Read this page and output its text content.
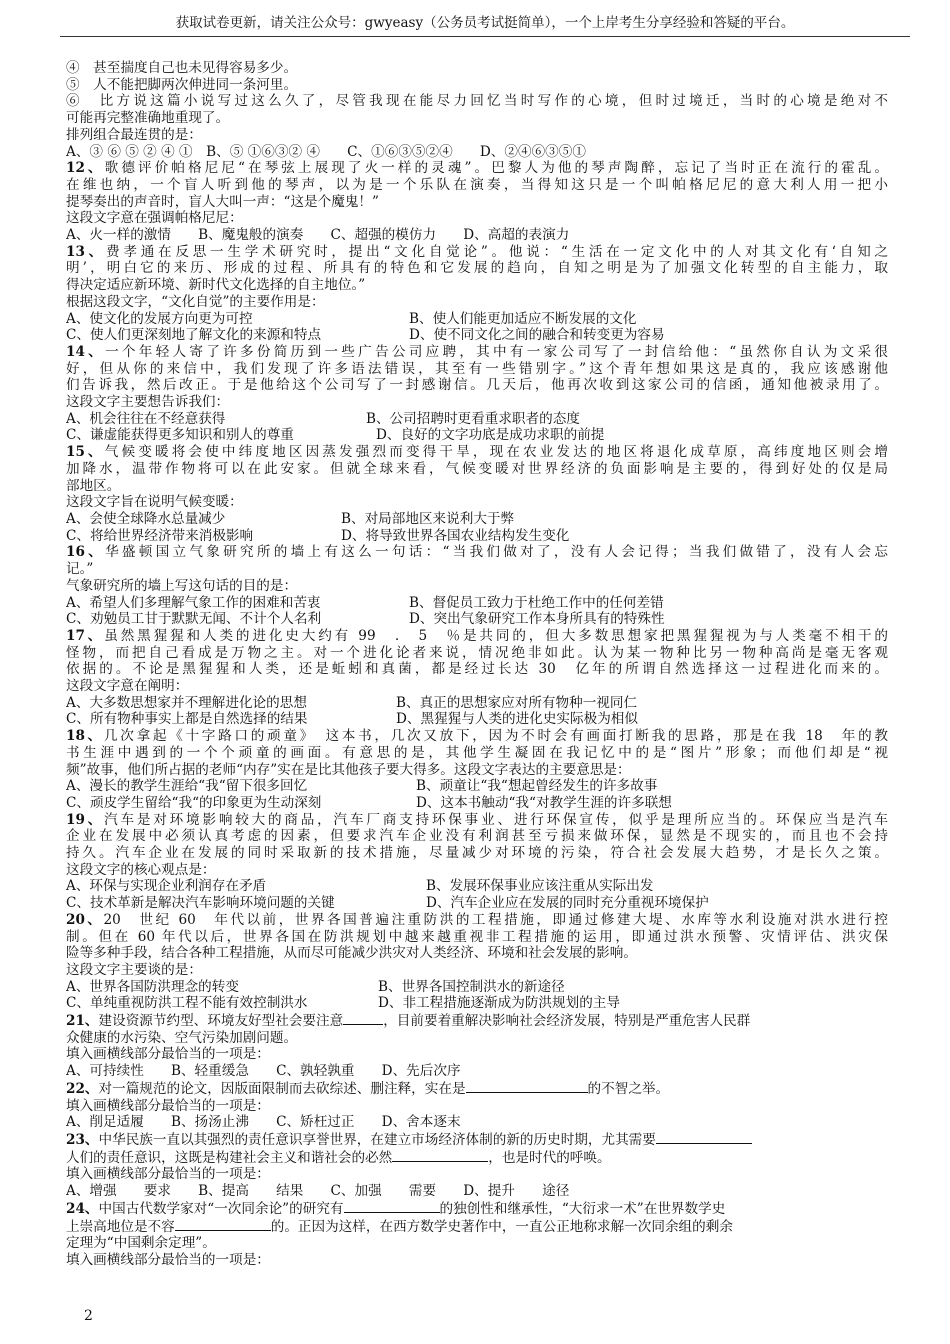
获取试卷更新，请关注公众号：gwyeasy（公务员考试挺简单），一个上岸考生分享经验和答疑的平台。

④　甚至揣度自己也未见得容易多少。

⑤　人不能把脚两次伸进同一条河里。

⑥　比方说这篇小说写过这么久了，尽管我现在能尽力回忆当时写作的心境，但时过境迁，当时的心境是绝对不

可能再完整准确地重现了。

排列组合最连贯的是：

A、③ ⑥ ⑤ ② ④ ①　B、⑤ ①⑥③② ④　　C、①⑥③⑤②④　　D、②④⑥③⑤①

12、歌德评价帕格尼尼“在琴弦上展现了火一样的灵魂”。巴黎人为他的琴声陶醉，忘记了当时正在流行的霍乱。

在维也纳，一个盲人听到他的琴声，以为是一个乐队在演奏，当得知这只是一个叫帕格尼尼的意大利人用一把小

提琴奏出的声音时，盲人大叫一声：“这是个魔鬼！”

这段文字意在强调帕格尼尼：

A、火一样的激情　　B、魔鬼般的演奏　　C、超强的模仿力　　D、高超的表演力

13、费孝通在反思一生学术研究时，提出“文化自觉论”。他说：“生活在一定文化中的人对其文化有‘自知之

明’，明白它的来历、形成的过程、所具有的特色和它发展的趋向，自知之明是为了加强文化转型的自主能力，取

得决定适应新环境、新时代文化选择的自主地位。”

根据这段文字，“文化自觉”的主要作用是：

A、使文化的发展方向更为可控	B、使人们能更加适应不断发展的文化

C、使人们更深刻地了解文化的来源和特点	D、使不同文化之间的融合和转变更为容易

14、一个年轻人寄了许多份简历到一些广告公司应聘，其中有一家公司写了一封信给他：“虽然你自认为文采很

好，但从你的来信中，我们发现了许多语法错误，其至有一些错别字。”这个青年想如果这是真的，我应该感谢他

们告诉我，然后改正。于是他给这个公司写了一封感谢信。几天后，他再次收到这家公司的信函，通知他被录用了。

这段文字主要想告诉我们：

A、机会往往在不经意获得	B、公司招聘时更看重求职者的态度

C、谦虚能获得更多知识和别人的尊重	D、良好的文字功底是成功求职的前提

15、气候变暖将会使中纬度地区因蒸发强烈而变得干旱，现在农业发达的地区将退化成草原，高纬度地区则会增

加降水，温带作物将可以在此安家。但就全球来看，气候变暖对世界经济的负面影响是主要的，得到好处的仅是局

部地区。

这段文字旨在说明气候变暖：

A、会使全球降水总量减少	B、对局部地区来说利大于弊

C、将给世界经济带来消极影响	D、将导致世界各国农业结构发生变化

16、华盛顿国立气象研究所的墙上有这么一句话：“当我们做对了，没有人会记得；当我们做错了，没有人会忘

记。”

气象研究所的墙上写这句话的目的是：

A、希望人们多理解气象工作的困难和苦衷	B、督促员工致力于杜绝工作中的任何差错

C、劝勉员工甘于默默无闻、不计个人名利	D、突出气象研究工作本身所具有的特殊性

17、虽然黑猩猩和人类的进化史大约有 99　.　5　％是共同的，但大多数思想家把黑猩猩视为与人类毫不相干的

怪物，而把自己看成是万物之主。对一个进化论者来说，情况绝非如此。认为某一物种比另一物种高尚是毫无客观

依据的。不论是黑猩猩和人类，还是蚯蚓和真菌，都是经过长达 30　亿年的所谓自然选择这一过程进化而来的。

这段文字意在阐明：

A、大多数思想家并不理解进化论的思想	B、真正的思想家应对所有物种一视同仁

C、所有物种事实上都是自然选择的结果	D、黑猩猩与人类的进化史实际极为相似

18、几次拿起《十字路口的顽童》　这本书，几次又放下，因为不时会有画面打断我的思路，那是在我 18　年的教

书生涯中遇到的一个个顽童的画面。有意思的是，其他学生凝固在我记忆中的是“图片”形象；而他们却是“视

频”故事，他们所占据的老师“内存”实在是比其他孩子要大得多。这段文字表达的主要意思是：

A、漫长的教学生涯给“我“留下很多回忆	B、顽童让“我“想起曾经发生的许多故事

C、顽皮学生留给“我“的印象更为生动深刻	D、这本书触动“我“对教学生涯的许多联想

19、汽车是对环境影响较大的商品，汽车厂商支持环保事业、进行环保宣传，似乎是理所应当的。环保应当是汽车

企业在发展中必须认真考虑的因素，但要求汽车企业没有利润甚至亏损来做环保，显然是不现实的，而且也不会持

持久。汽车企业在发展的同时采取新的技术措施，尽量减少对环境的污染，符合社会发展大趋势，才是长久之策。

这段文字的核心观点是：

A、环保与实现企业利润存在矛盾	B、发展环保事业应该注重从实际出发

C、技术革新是解决汽车影响环境问题的关键	D、汽车企业应在发展的同时充分重视环境保护

20、20　世纪 60　年代以前，世界各国普遍注重防洪的工程措施，即通过修建大堤、水库等水利设施对洪水进行控

制。但在 60 年代以后，世界各国在防洪规划中越来越重视非工程措施的运用，即通过洪水预警、灾情评估、洪灾保

险等多种手段，结合各种工程措施，从而尽可能减少洪灾对人类经济、环境和社会发展的影响。

这段文字主要谈的是：

A、世界各国防洪理念的转变	B、世界各国控制洪水的新途径

C、单纯重视防洪工程不能有效控制洪水	D、非工程措施逐渐成为防洪规划的主导

21、建设资源节约型、环境友好型社会要注意	，目前要着重解决影响社会经济发展，特别是严重危害人民群

众健康的水污染、空气污染加剧问题。

填入画横线部分最恰当的一项是：

A、可持续性　　B、轻重缓急　　C、孰轻孰重　　D、先后次序

22、对一篇规范的论文，因版面限制而去砍综述、删注释，实在是	的不智之举。

填入画横线部分最恰当的一项是：

A、削足适履　　B、扬汤止沸　　C、矫枉过正　　D、舍本逐末

23、中华民族一直以其强烈的责任意识享誉世界，在建立市场经济体制的新的历史时期，尤其需要

人们的责任意识，这既是构建社会主义和谐社会的必然	，也是时代的呼唤。

填入画横线部分最恰当的一项是：

A、增强　　要求　　B、提高　　结果　　C、加强　　需要　　D、提升　　途径

24、中国古代数学家对“一次同余论”的研究有	的独创性和继承性，“大衍求一术”在世界数学史

上崇高地位是不容	的。正因为这样，在西方数学史著作中，一直公正地称求解一次同余组的剩余

定理为“中国剩余定理”。

填入画横线部分最恰当的一项是：

2
